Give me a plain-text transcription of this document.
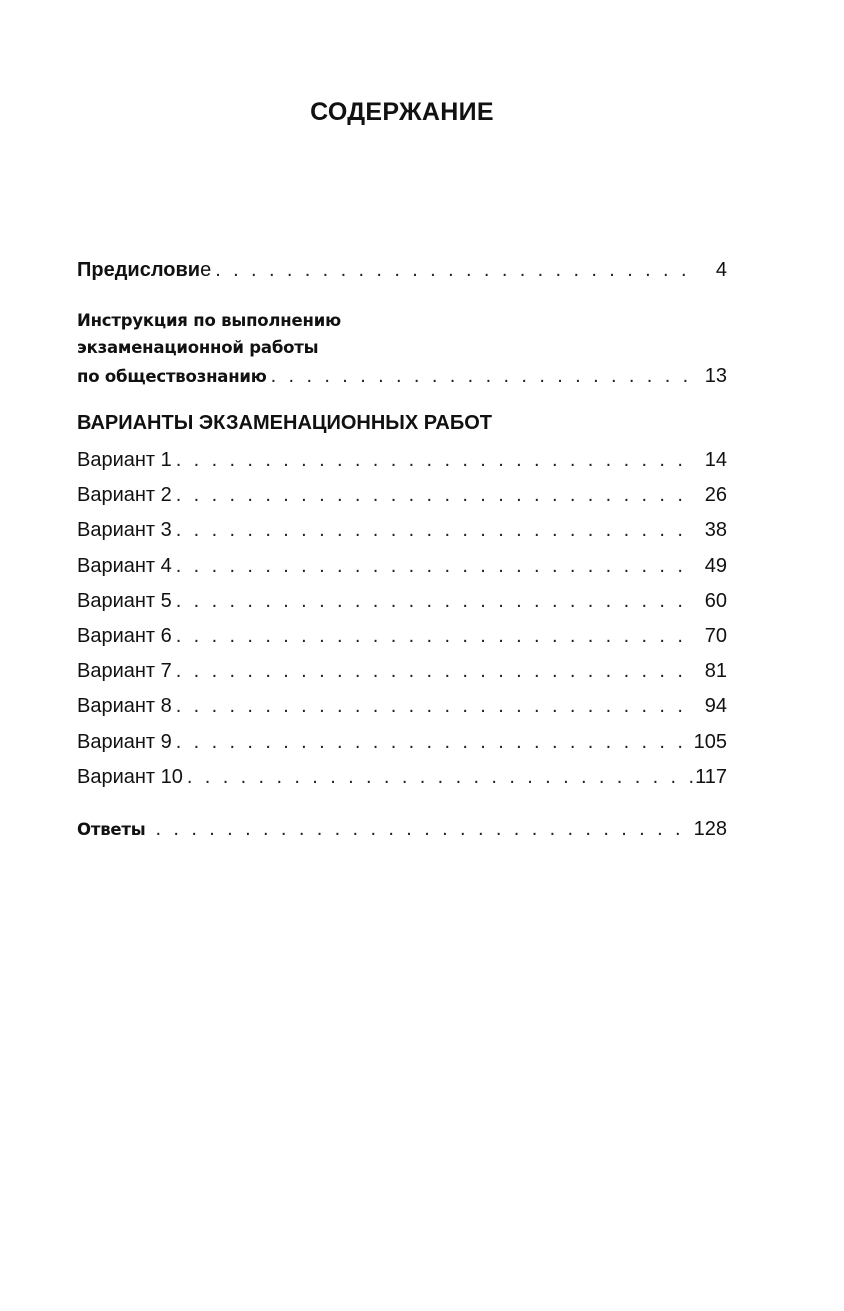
СОДЕРЖАНИЕ
Предисловие . . .	4
Инструкция по выполнению
экзаменационной работы
по обществознанию . . .	13
ВАРИАНТЫ ЭКЗАМЕНАЦИОННЫХ РАБОТ
Вариант 1 . . .	14
Вариант 2 . . .	26
Вариант 3 . . .	38
Вариант 4 . . .	49
Вариант 5 . . .	60
Вариант 6 . . .	70
Вариант 7 . . .	81
Вариант 8 . . .	94
Вариант 9 . . .	105
Вариант 10 . . .	117
Ответы . . .	128
